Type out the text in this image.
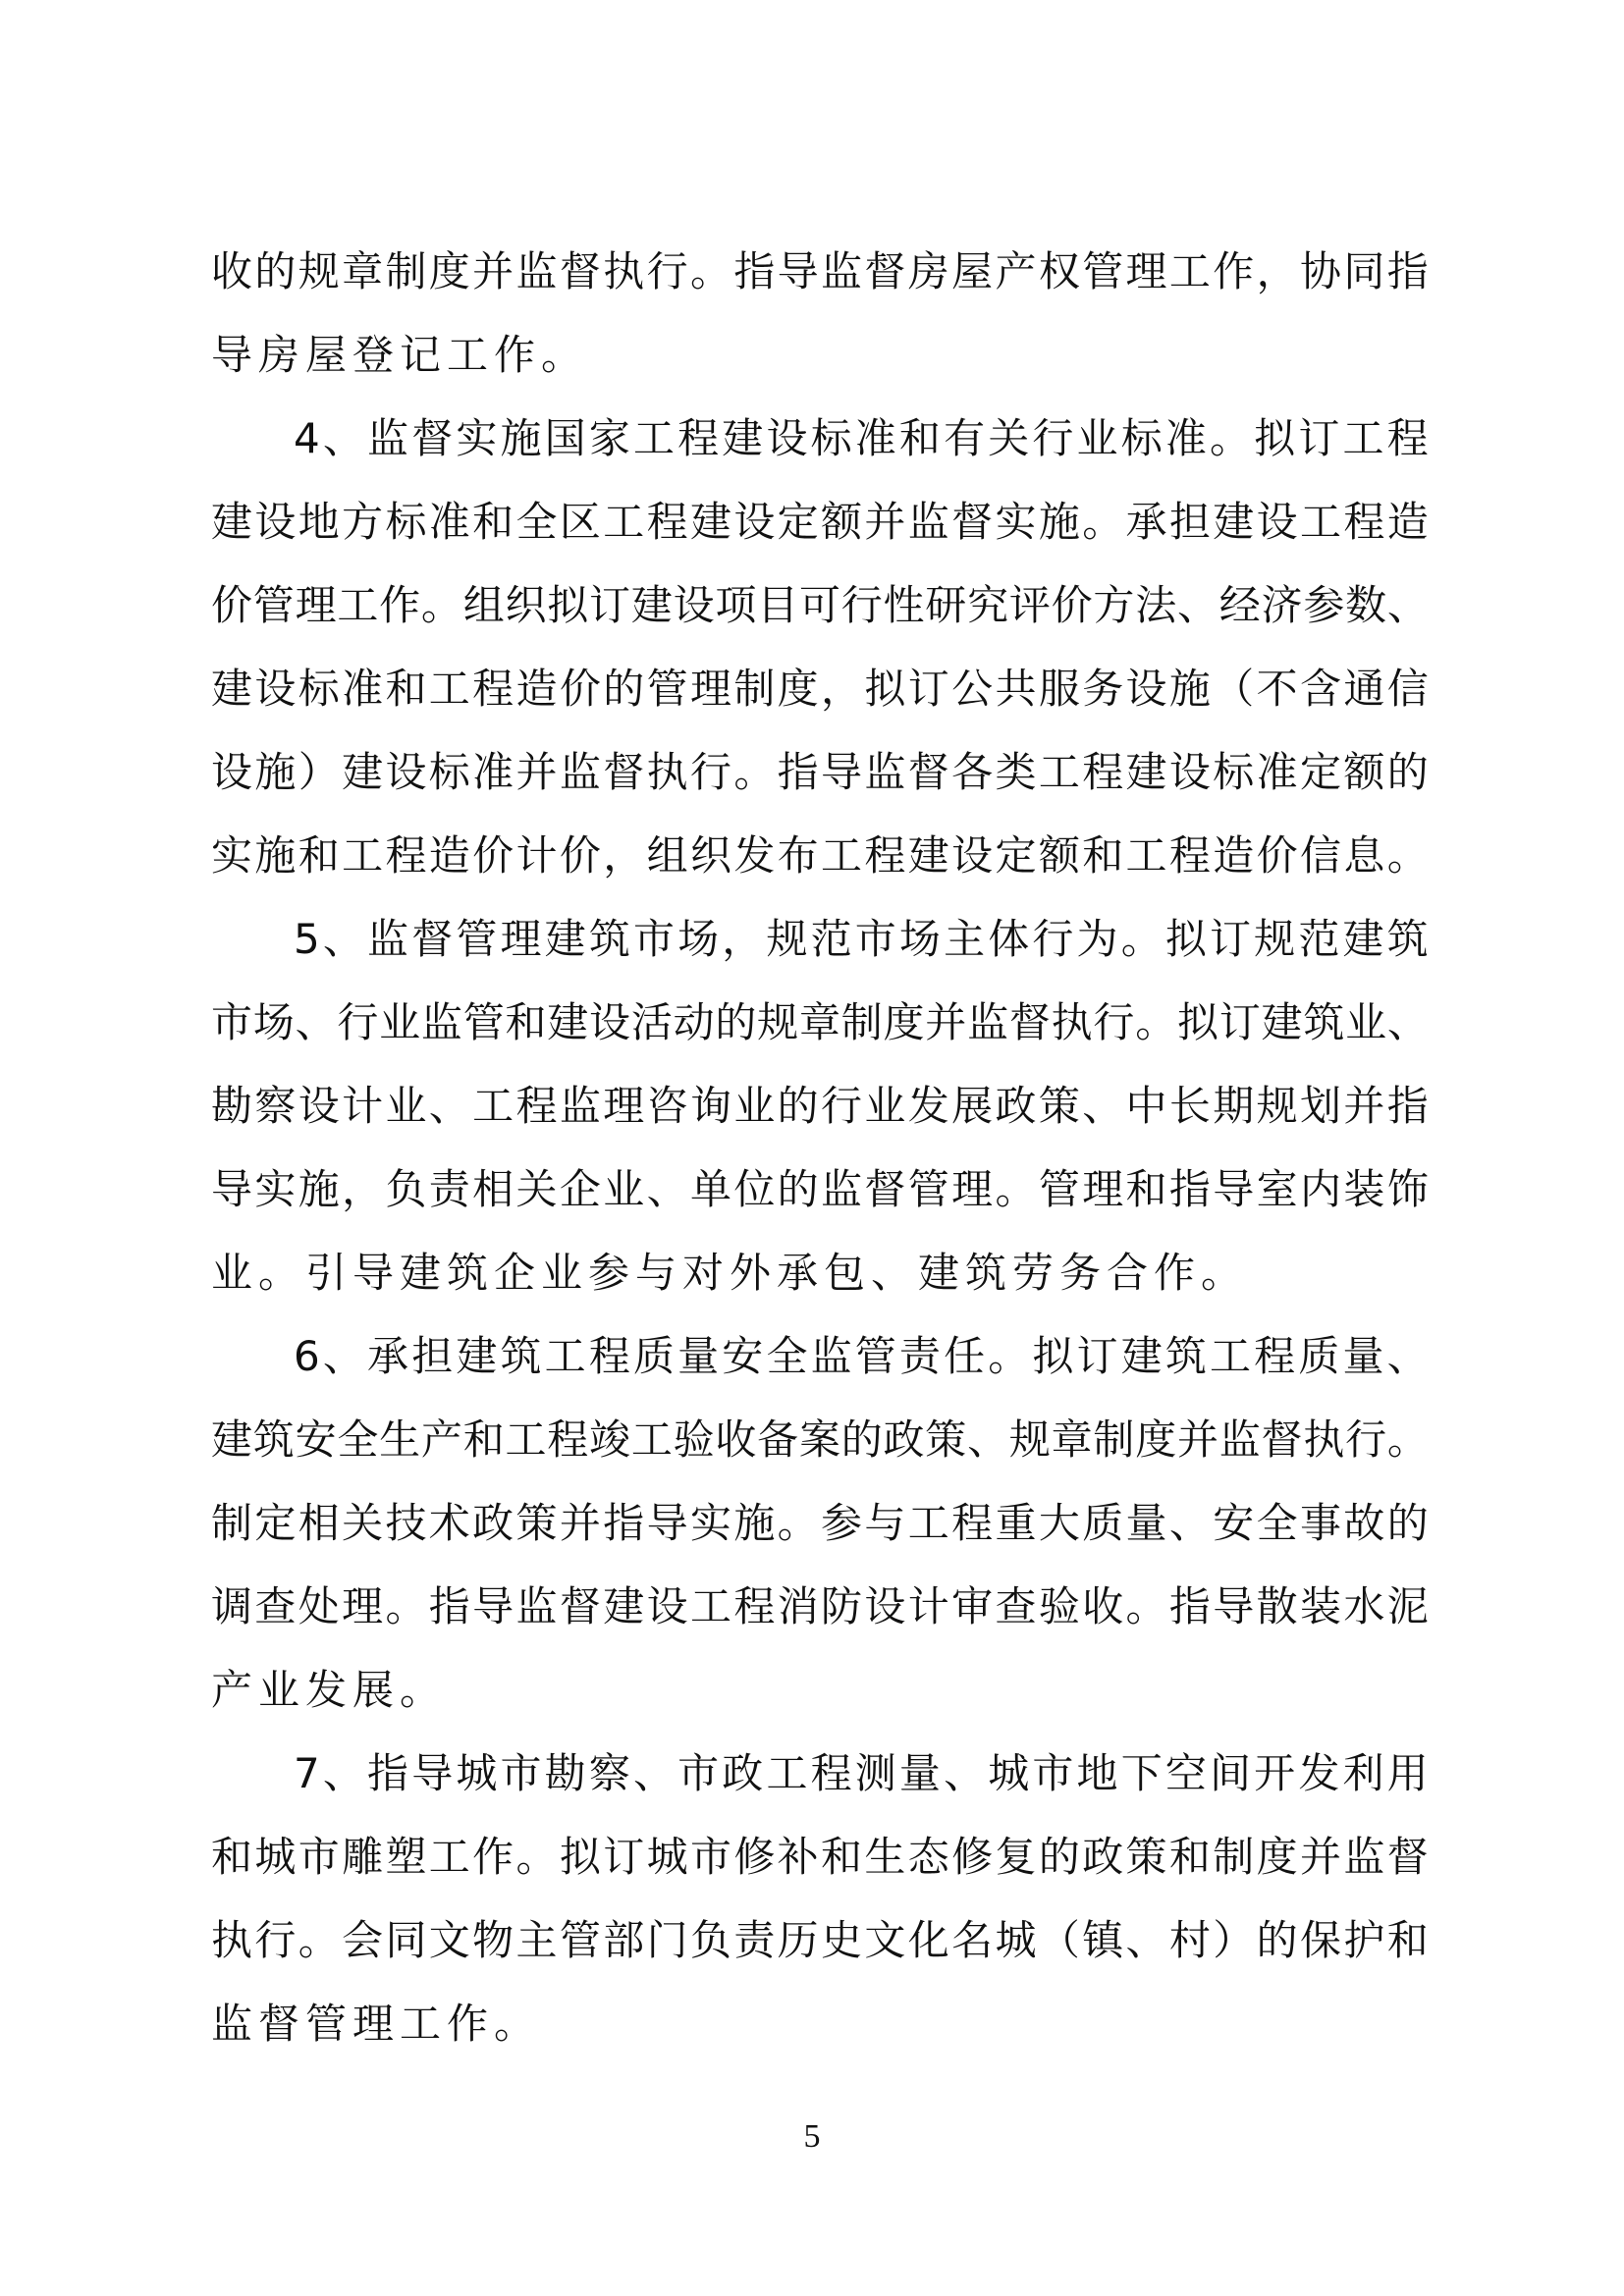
收 的 规 章 制 度 并 监 督 执 行 。 指 导 监 督 房 屋 产 权 管 理 工 作 ， 协 同 指
导房屋登记工作。
4 、 监 督 实 施 国 家 工 程 建 设 标 准 和 有 关 行 业 标 准 。 拟 订 工 程
建 设 地 方 标 准 和 全 区 工 程 建 设 定 额 并 监 督 实 施 。 承 担 建 设 工 程 造
价 管 理 工 作 。 组 织 拟 订 建 设 项 目 可 行 性 研 究 评 价 方 法 、 经 济 参 数 、
建 设 标 准 和 工 程 造 价 的 管 理 制 度 ， 拟 订 公 共 服 务 设 施 （ 不 含 通 信
设 施 ） 建 设 标 准 并 监 督 执 行 。 指 导 监 督 各 类 工 程 建 设 标 准 定 额 的
实 施 和 工 程 造 价 计 价 ， 组 织 发 布 工 程 建 设 定 额 和 工 程 造 价 信 息 。
5 、 监 督 管 理 建 筑 市 场 ， 规 范 市 场 主 体 行 为 。 拟 订 规 范 建 筑
市 场 、 行 业 监 管 和 建 设 活 动 的 规 章 制 度 并 监 督 执 行 。 拟 订 建 筑 业 、
勘 察 设 计 业 、 工 程 监 理 咨 询 业 的 行 业 发 展 政 策 、 中 长 期 规 划 并 指
导 实 施 ， 负 责 相 关 企 业 、 单 位 的 监 督 管 理 。 管 理 和 指 导 室 内 装 饰
业。引导建筑企业参与对外承包、建筑劳务合作。
6 、 承 担 建 筑 工 程 质 量 安 全 监 管 责 任 。 拟 订 建 筑 工 程 质 量 、
建 筑 安 全 生 产 和 工 程 竣 工 验 收 备 案 的 政 策 、 规 章 制 度 并 监 督 执 行 。
制 定 相 关 技 术 政 策 并 指 导 实 施 。 参 与 工 程 重 大 质 量 、 安 全 事 故 的
调 查 处 理 。 指 导 监 督 建 设 工 程 消 防 设 计 审 查 验 收 。 指 导 散 装 水 泥
产业发展。
7 、 指 导 城 市 勘 察 、 市 政 工 程 测 量 、 城 市 地 下 空 间 开 发 利 用
和 城 市 雕 塑 工 作 。 拟 订 城 市 修 补 和 生 态 修 复 的 政 策 和 制 度 并 监 督
执 行 。 会 同 文 物 主 管 部 门 负 责 历 史 文 化 名 城 （ 镇 、 村 ） 的 保 护 和
监督管理工作。
5
